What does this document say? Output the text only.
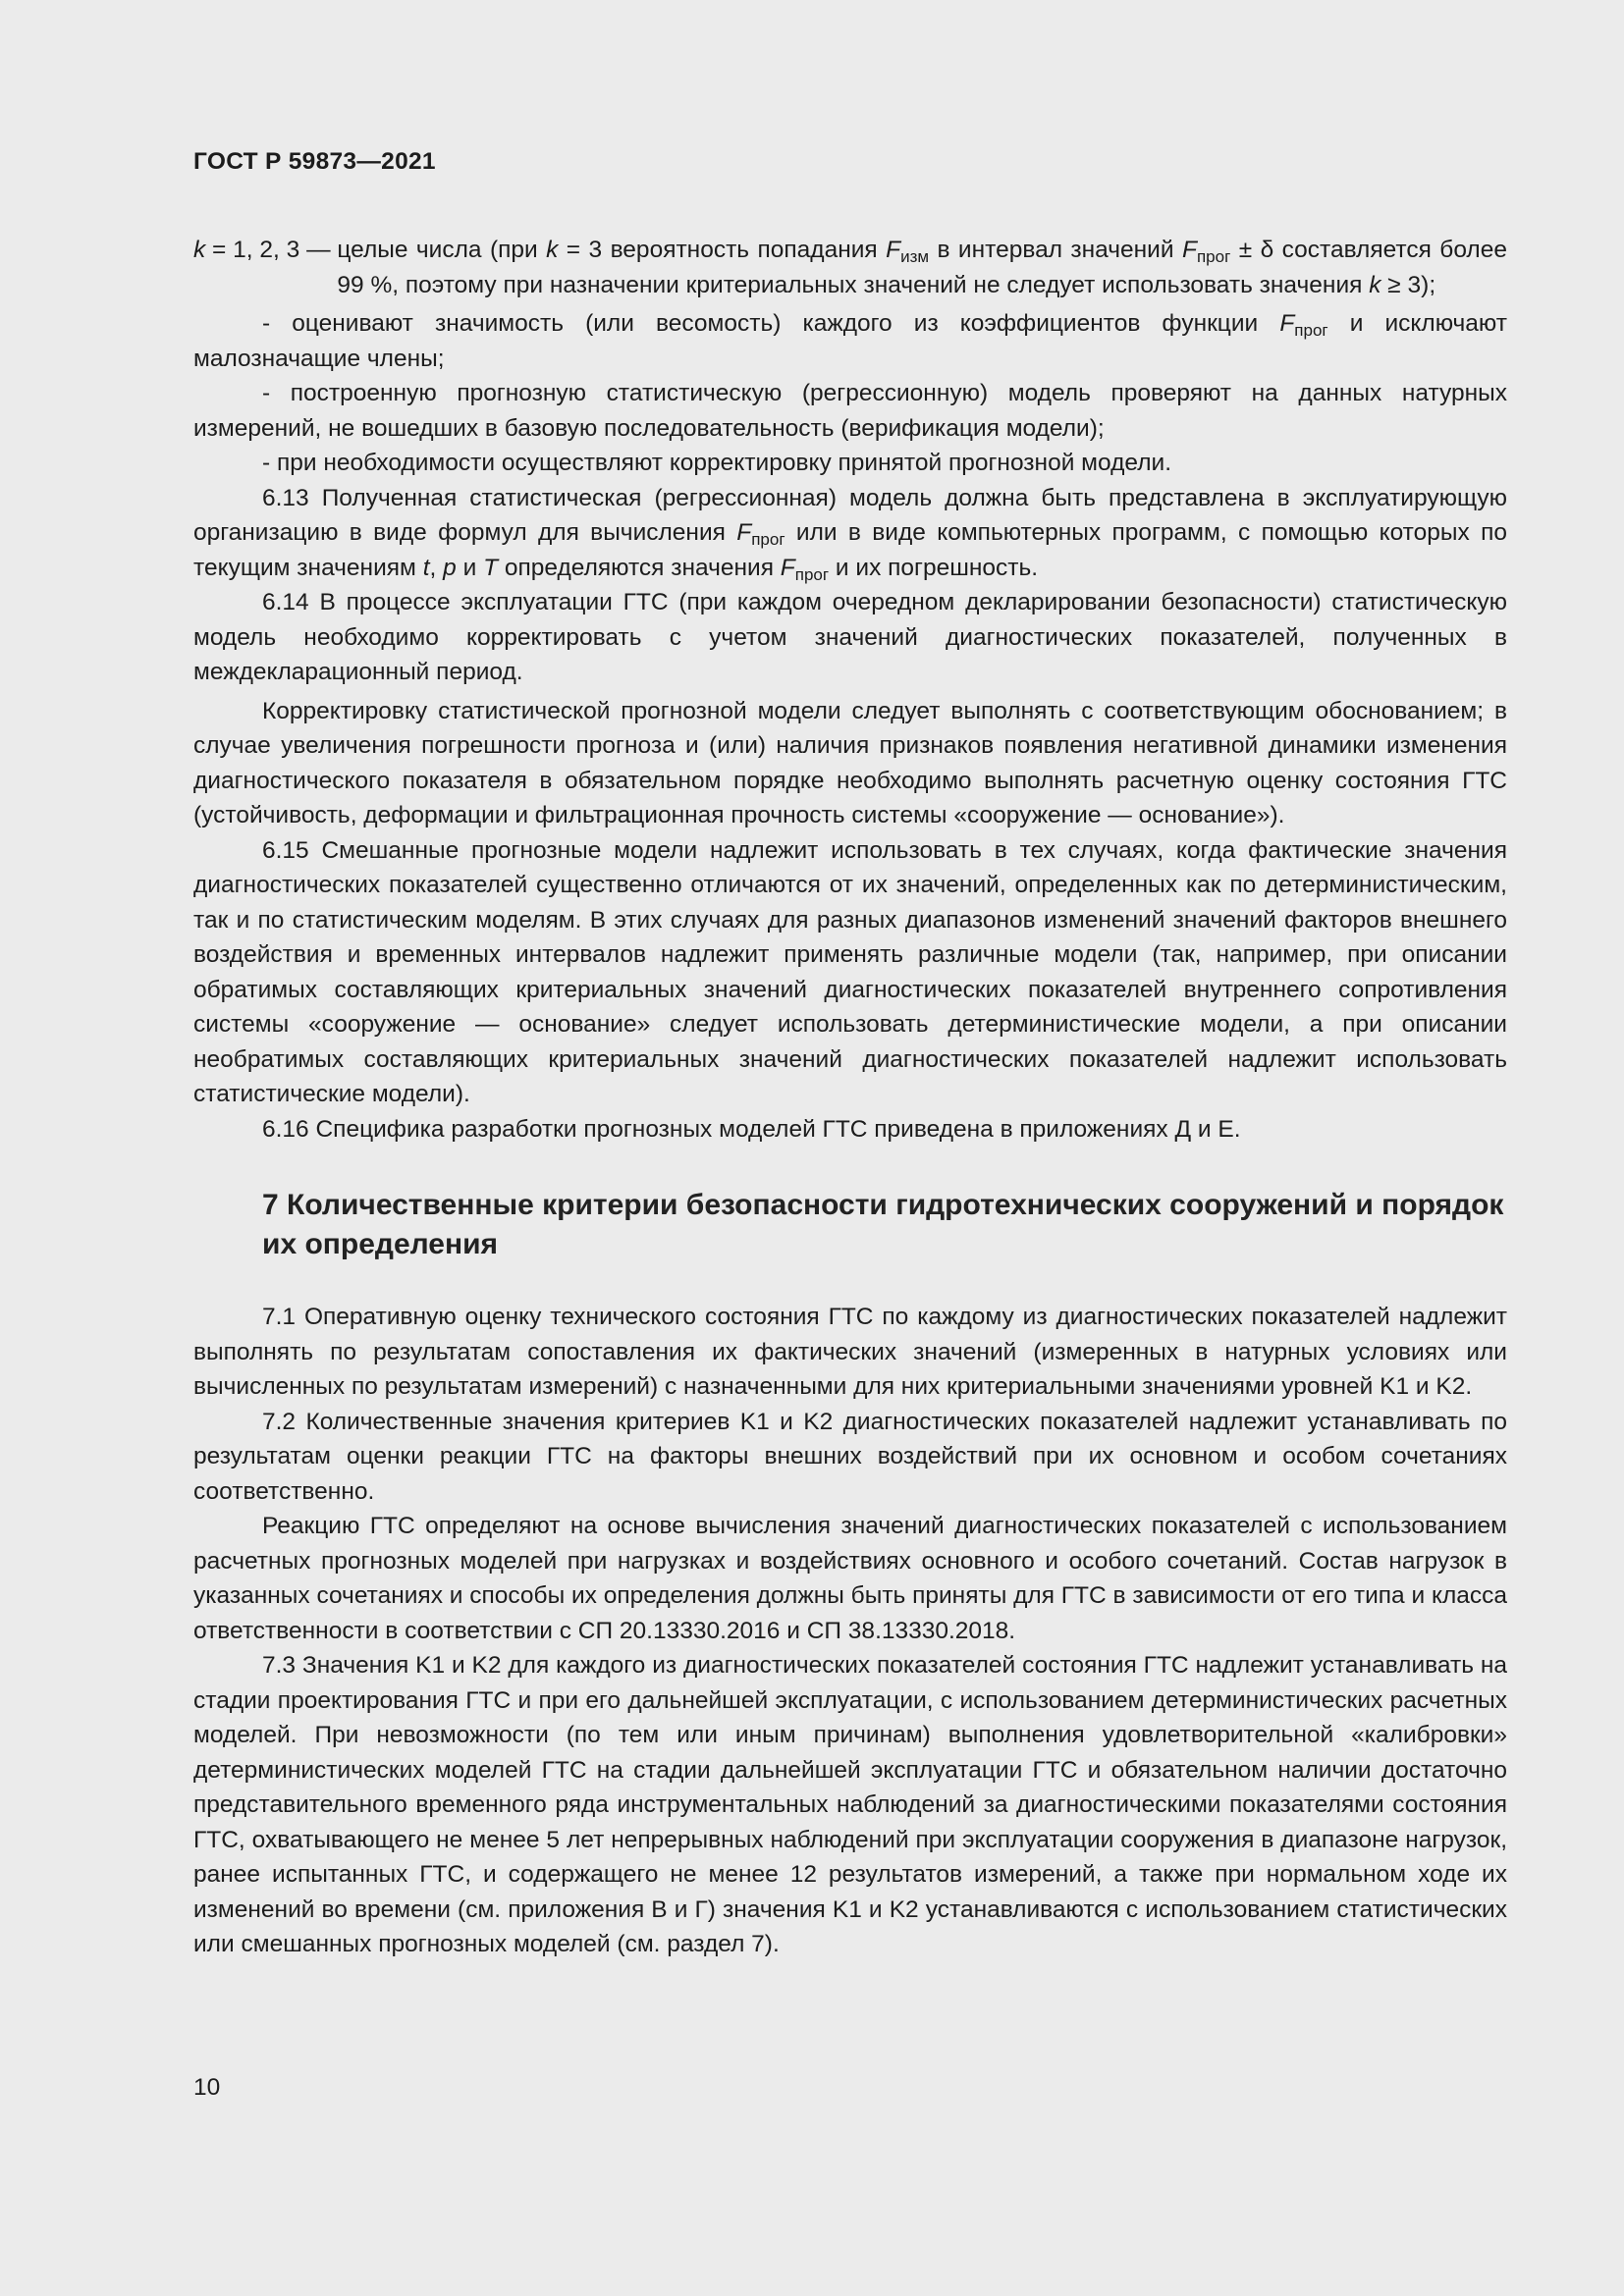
ГОСТ Р 59873—2021
k = 1, 2, 3 — целые числа (при k = 3 вероятность попадания $F_{изм}$ в интервал значений $F_{прог} \pm \delta$ составляется более 99 %, поэтому при назначении критериальных значений не следует использовать значения k ≥ 3);

- оценивают значимость (или весомость) каждого из коэффициентов функции $F_{прог}$ и исключают малозначащие члены;

- построенную прогнозную статистическую (регрессионную) модель проверяют на данных натурных измерений, не вошедших в базовую последовательность (верификация модели);

- при необходимости осуществляют корректировку принятой прогнозной модели.

6.13 Полученная статистическая (регрессионная) модель должна быть представлена в эксплуатирующую организацию в виде формул для вычисления $F_{прог}$ или в виде компьютерных программ, с помощью которых по текущим значениям t, p и T определяются значения $F_{прог}$ и их погрешность.

6.14 В процессе эксплуатации ГТС (при каждом очередном декларировании безопасности) статистическую модель необходимо корректировать с учетом значений диагностических показателей, полученных в междекларационный период.

Корректировку статистической прогнозной модели следует выполнять с соответствующим обоснованием; в случае увеличения погрешности прогноза и (или) наличия признаков появления негативной динамики изменения диагностического показателя в обязательном порядке необходимо выполнять расчетную оценку состояния ГТС (устойчивость, деформации и фильтрационная прочность системы «сооружение — основание»).

6.15 Смешанные прогнозные модели надлежит использовать в тех случаях, когда фактические значения диагностических показателей существенно отличаются от их значений, определенных как по детерминистическим, так и по статистическим моделям. В этих случаях для разных диапазонов изменений значений факторов внешнего воздействия и временных интервалов надлежит применять различные модели (так, например, при описании обратимых составляющих критериальных значений диагностических показателей внутреннего сопротивления системы «сооружение — основание» следует использовать детерминистические модели, а при описании необратимых составляющих критериальных значений диагностических показателей надлежит использовать статистические модели).

6.16 Специфика разработки прогнозных моделей ГТС приведена в приложениях Д и Е.

7 Количественные критерии безопасности гидротехнических сооружений и порядок их определения

7.1 Оперативную оценку технического состояния ГТС по каждому из диагностических показателей надлежит выполнять по результатам сопоставления их фактических значений (измеренных в натурных условиях или вычисленных по результатам измерений) с назначенными для них критериальными значениями уровней K1 и K2.

7.2 Количественные значения критериев K1 и K2 диагностических показателей надлежит устанавливать по результатам оценки реакции ГТС на факторы внешних воздействий при их основном и особом сочетаниях соответственно.

Реакцию ГТС определяют на основе вычисления значений диагностических показателей с использованием расчетных прогнозных моделей при нагрузках и воздействиях основного и особого сочетаний. Состав нагрузок в указанных сочетаниях и способы их определения должны быть приняты для ГТС в зависимости от его типа и класса ответственности в соответствии с СП 20.13330.2016 и СП 38.13330.2018.

7.3 Значения K1 и K2 для каждого из диагностических показателей состояния ГТС надлежит устанавливать на стадии проектирования ГТС и при его дальнейшей эксплуатации, с использованием детерминистических расчетных моделей. При невозможности (по тем или иным причинам) выполнения удовлетворительной «калибровки» детерминистических моделей ГТС на стадии дальнейшей эксплуатации ГТС и обязательном наличии достаточно представительного временного ряда инструментальных наблюдений за диагностическими показателями состояния ГТС, охватывающего не менее 5 лет непрерывных наблюдений при эксплуатации сооружения в диапазоне нагрузок, ранее испытанных ГТС, и содержащего не менее 12 результатов измерений, а также при нормальном ходе их изменений во времени (см. приложения В и Г) значения K1 и K2 устанавливаются с использованием статистических или смешанных прогнозных моделей (см. раздел 7).

10
